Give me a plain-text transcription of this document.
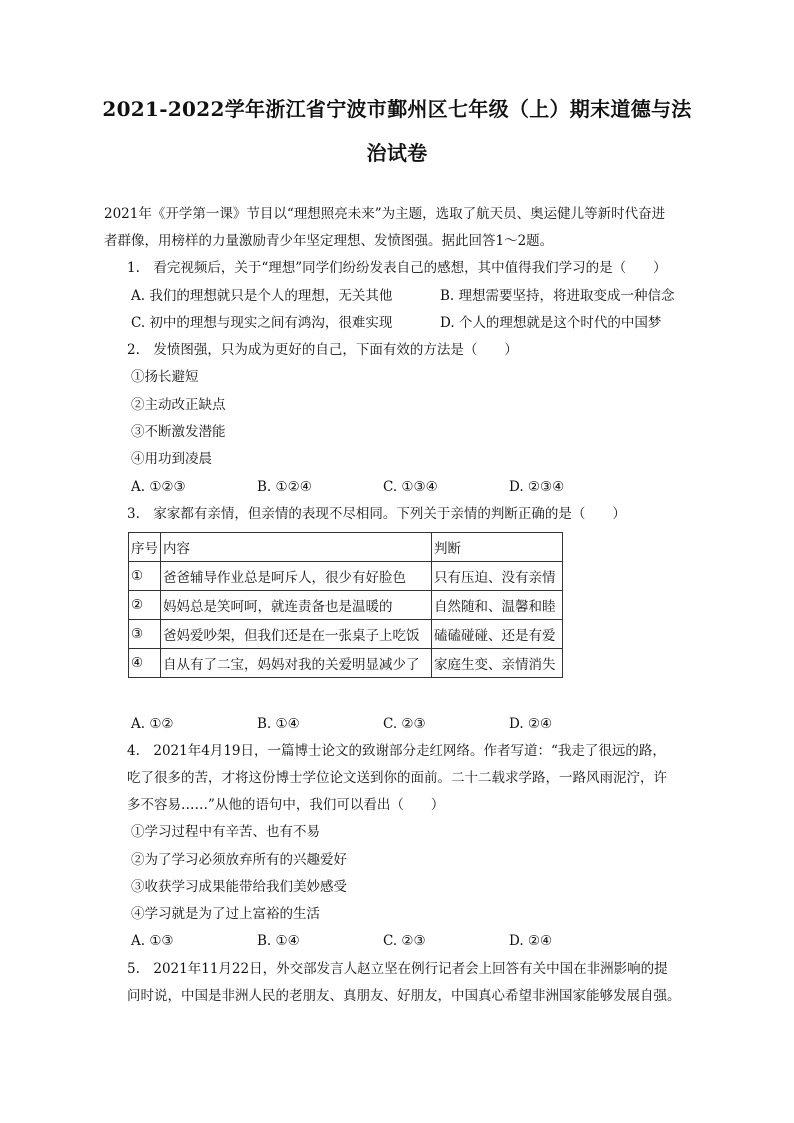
2021-2022学年浙江省宁波市鄞州区七年级（上）期末道德与法
治试卷
2021年《开学第一课》节目以“理想照亮未来”为主题，选取了航天员、奥运健儿等新时代奋进
者群像，用榜样的力量激励青少年坚定理想、发愤图强。据此回答1～2题。
1.　看完视频后，关于“理想”同学们纷纷发表自己的感想，其中值得我们学习的是（　　）
A. 我们的理想就只是个人的理想，无关其他	B. 理想需要坚持，将进取变成一种信念
C. 初中的理想与现实之间有鸿沟，很难实现	D. 个人的理想就是这个时代的中国梦
2.　发愤图强，只为成为更好的自己，下面有效的方法是（　　）
①扬长避短
②主动改正缺点
③不断激发潜能
④用功到凌晨
A. ①②③	B. ①②④	C. ①③④	D. ②③④
3.　家家都有亲情，但亲情的表现不尽相同。下列关于亲情的判断正确的是（　　）
序号	内容	判断
①	爸爸辅导作业总是呵斥人，很少有好脸色	只有压迫、没有亲情
②	妈妈总是笑呵呵，就连责备也是温暖的	自然随和、温馨和睦
③	爸妈爱吵架，但我们还是在一张桌子上吃饭	磕磕碰碰、还是有爱
④	自从有了二宝，妈妈对我的关爱明显减少了	家庭生变、亲情消失
A. ①②	B. ①④	C. ②③	D. ②④
4.　2021年4月19日，一篇博士论文的致谢部分走红网络。作者写道：“我走了很远的路，
吃了很多的苦，才将这份博士学位论文送到你的面前。二十二载求学路，一路风雨泥泞，许
多不容易……”从他的语句中，我们可以看出（　　）
①学习过程中有辛苦、也有不易
②为了学习必须放弃所有的兴趣爱好
③收获学习成果能带给我们美妙感受
④学习就是为了过上富裕的生活
A. ①③	B. ①④	C. ②③	D. ②④
5.　2021年11月22日，外交部发言人赵立坚在例行记者会上回答有关中国在非洲影响的提
问时说，中国是非洲人民的老朋友、真朋友、好朋友，中国真心希望非洲国家能够发展自强。
